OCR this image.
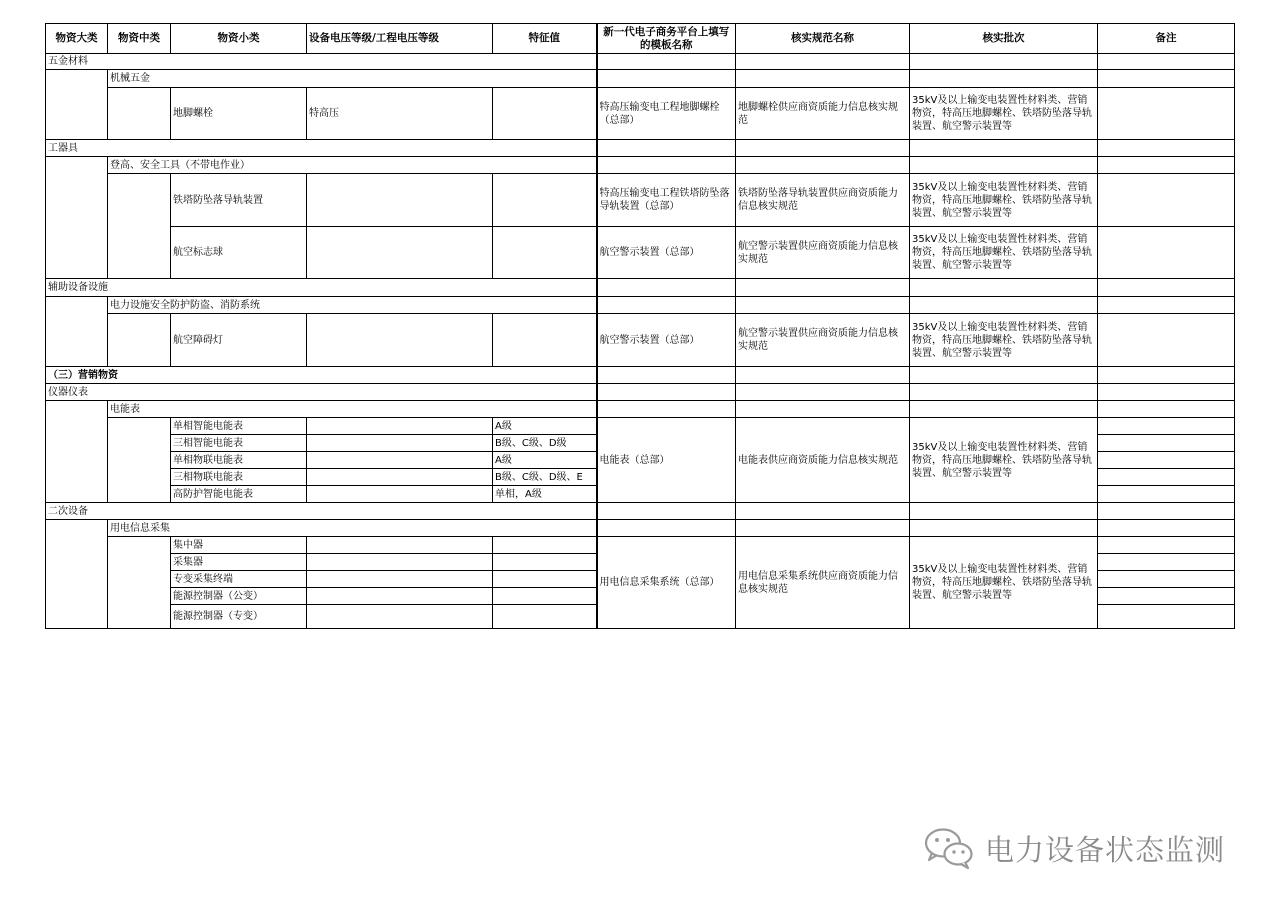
物资大类	物资中类	物资小类	设备电压等级/工程电压等级	特征值	新一代电子商务平台上填写的模板名称	核实规范名称	核实批次	备注
五金材料								
	机械五金							
		地脚螺栓	特高压		特高压输变电工程地脚螺栓（总部）	地脚螺栓供应商资质能力信息核实规范	35kV及以上输变电装置性材料类、营销物资，特高压地脚螺栓、铁塔防坠落导轨装置、航空警示装置等	
工器具								
	登高、安全工具（不带电作业）							
		铁塔防坠落导轨装置			特高压输变电工程铁塔防坠落导轨装置（总部）	铁塔防坠落导轨装置供应商资质能力信息核实规范	35kV及以上输变电装置性材料类、营销物资，特高压地脚螺栓、铁塔防坠落导轨装置、航空警示装置等	
		航空标志球			航空警示装置（总部）	航空警示装置供应商资质能力信息核实规范	35kV及以上输变电装置性材料类、营销物资，特高压地脚螺栓、铁塔防坠落导轨装置、航空警示装置等	
辅助设备设施								
	电力设施安全防护防盗、消防系统							
		航空障碍灯			航空警示装置（总部）	航空警示装置供应商资质能力信息核实规范	35kV及以上输变电装置性材料类、营销物资，特高压地脚螺栓、铁塔防坠落导轨装置、航空警示装置等	
（三）营销物资								
仪器仪表								
	电能表							
		单相智能电能表		A级	电能表（总部）	电能表供应商资质能力信息核实规范	35kV及以上输变电装置性材料类、营销物资，特高压地脚螺栓、铁塔防坠落导轨装置、航空警示装置等	
		三相智能电能表		B级、C级、D级				
		单相物联电能表		A级				
		三相物联电能表		B级、C级、D级、E				
		高防护智能电能表		单相，A级				
二次设备								
	用电信息采集							
		集中器			用电信息采集系统（总部）	用电信息采集系统供应商资质能力信息核实规范	35kV及以上输变电装置性材料类、营销物资，特高压地脚螺栓、铁塔防坠落导轨装置、航空警示装置等	
		采集器						
		专变采集终端						
		能源控制器（公变）						
		能源控制器（专变）						
电力设备状态监测
